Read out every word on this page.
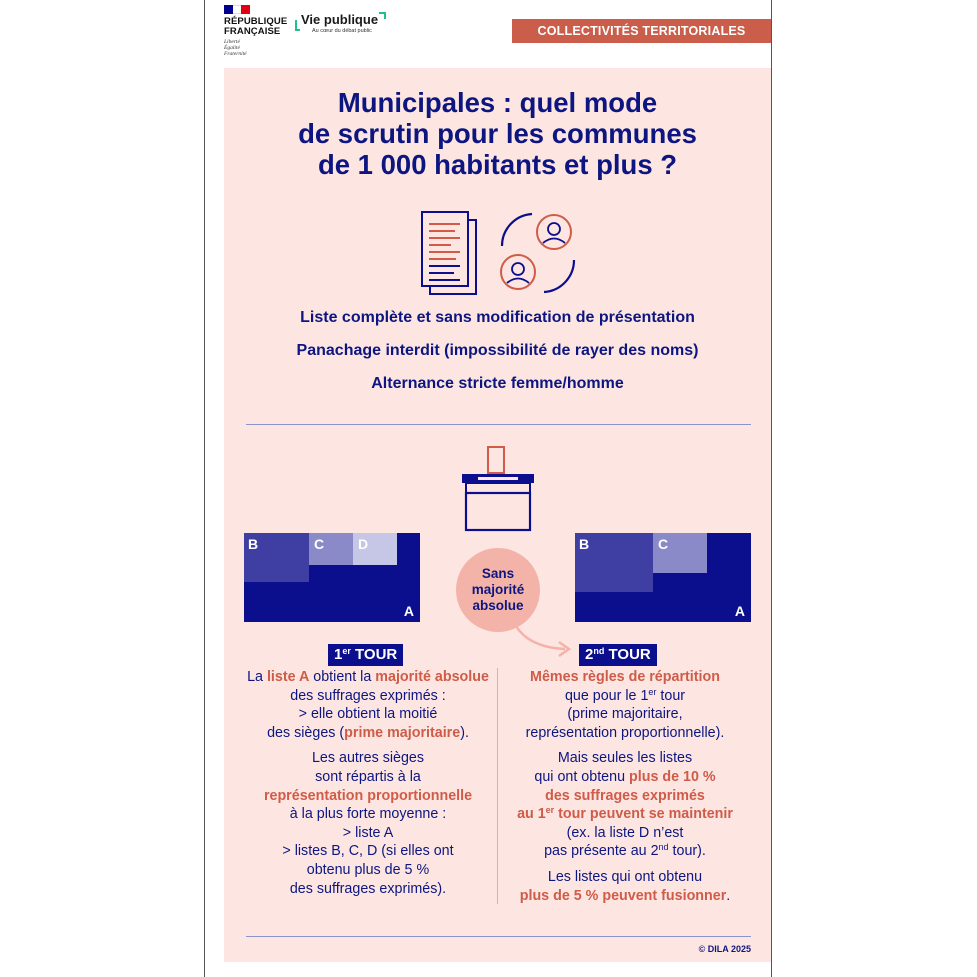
RÉPUBLIQUE
FRANÇAISE
Liberté
Égalité
Fraternité
Vie publique
Au cœur du débat public	COLLECTIVITÉS TERRITORIALES
Municipales : quel mode
de scrutin pour les communes
de 1 000 habitants et plus ?
Liste complète et sans modification de présentation
Panachage interdit (impossibilité de rayer des noms)
Alternance stricte femme/homme
B	C D
A
B	C
A
Sans
majorité
absolue
1er TOUR	2nd TOUR

La liste A obtient la majorité absolue des suffrages exprimés :
> elle obtient la moitié
des sièges (prime majoritaire).

Les autres sièges
sont répartis à la
représentation proportionnelle
à la plus forte moyenne :
> liste A
> listes B, C, D (si elles ont
obtenu plus de 5 %
des suffrages exprimés).

Mêmes règles de répartition
que pour le 1er tour
(prime majoritaire,
représentation proportionnelle).

Mais seules les listes
qui ont obtenu plus de 10 %
des suffrages exprimés
au 1er tour peuvent se maintenir
(ex. la liste D n’est
pas présente au 2nd tour).

Les listes qui ont obtenu
plus de 5 % peuvent fusionner.

© DILA 2025
